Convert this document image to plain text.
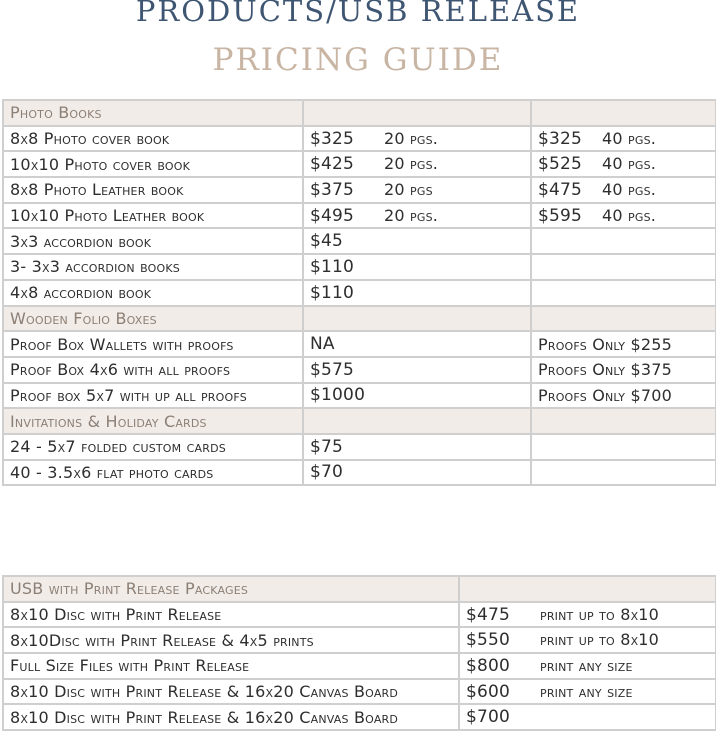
PRODUCTS/USB RELEASE
PRICING GUIDE
Photo Books		
8x8 Photo cover book	$325 20 pgs.	$325 40 pgs.
10x10 Photo cover book	$425 20 pgs.	$525 40 pgs.
8x8 Photo Leather book	$375 20 pgs	$475 40 pgs.
10x10 Photo Leather book	$495 20 pgs.	$595 40 pgs.
3x3 accordion book	$45	
3- 3x3 accordion books	$110	
4x8 accordion book	$110	
Wooden Folio Boxes		
Proof Box Wallets with proofs	NA	Proofs Only $255
Proof Box 4x6 with all proofs	$575	Proofs Only $375
Proof box 5x7 with up all proofs	$1000	Proofs Only $700
Invitations & Holiday Cards		
24 - 5x7 folded custom cards	$75	
40 - 3.5x6 flat photo cards	$70	
USB with Print Release Packages	
8x10 Disc with Print Release	$475 print up to 8x10
8x10Disc with Print Release & 4x5 prints	$550 print up to 8x10
Full Size Files with Print Release	$800 print any size
8x10 Disc with Print Release & 16x20 Canvas Board	$600 print any size
8x10 Disc with Print Release & 16x20 Canvas Board	$700
